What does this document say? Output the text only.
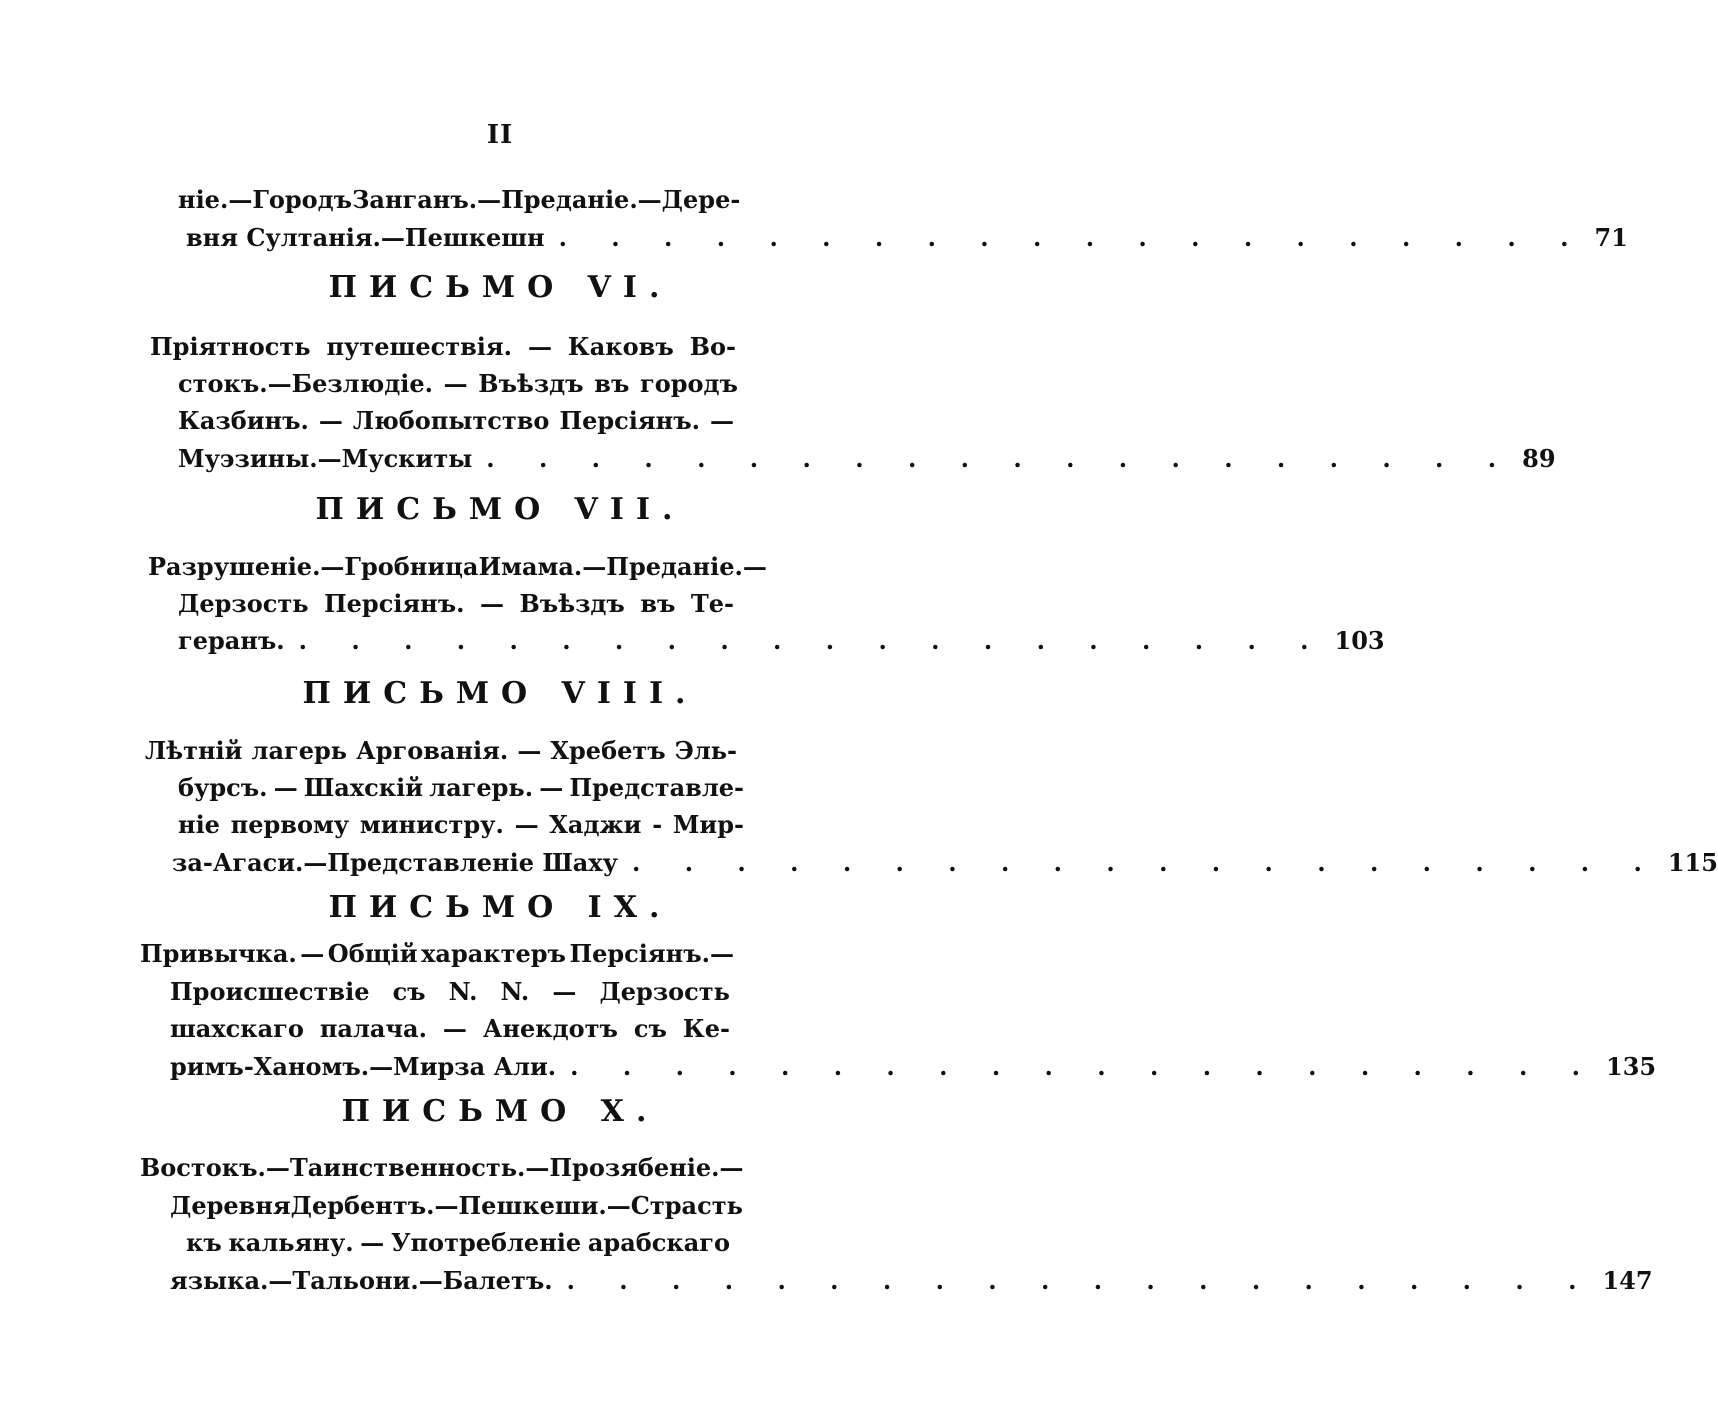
II
ніе. — Городъ Занганъ.—Преданіе.—Дере-
вня Султанія.—Пешкешн . . . . . . . . . . . . . . . . . . . . 71
ПИСЬМО VI.
Пріятность путешествія. — Каковъ Во-
стокъ.—Безлюдіе. — Въѣздъ въ городъ
Казбинъ. — Любопытство Персіянъ. —
Муэзины.—Мускиты . . . . . . . . . . . . . . . . . . . . 89
ПИСЬМО VII.
Разрушеніе.—Гробница Имама.—Преданіе.—
Дерзость Персіянъ. — Въѣздъ въ Те-
геранъ. . . . . . . . . . . . . . . . . . . . . 103
ПИСЬМО VIII.
Лѣтній лагерь Аргованія. — Хребетъ Эль-
бурсъ. — Шахскій лагерь. — Представле-
ніе первому министру. — Хаджи - Мир-
за-Агаси.—Представленіе Шаху . . . . . . . . . . . . . . . . . . . . 115
ПИСЬМО IX.
Привычка. — Общій характеръ Персіянъ.—
Происшествіе съ N. N. — Дерзость
шахскаго палача. — Анекдотъ съ Ке-
римъ-Ханомъ.—Мирза Али. . . . . . . . . . . . . . . . . . . . . 135
ПИСЬМО X.
Востокъ. — Таинственность.—Прозябеніе.—
Деревня Дербентъ.—Пешкеши. — Страсть
къ кальяну. — Употребленіе арабскаго
языка.—Тальони.—Балетъ. . . . . . . . . . . . . . . . . . . . . 147
